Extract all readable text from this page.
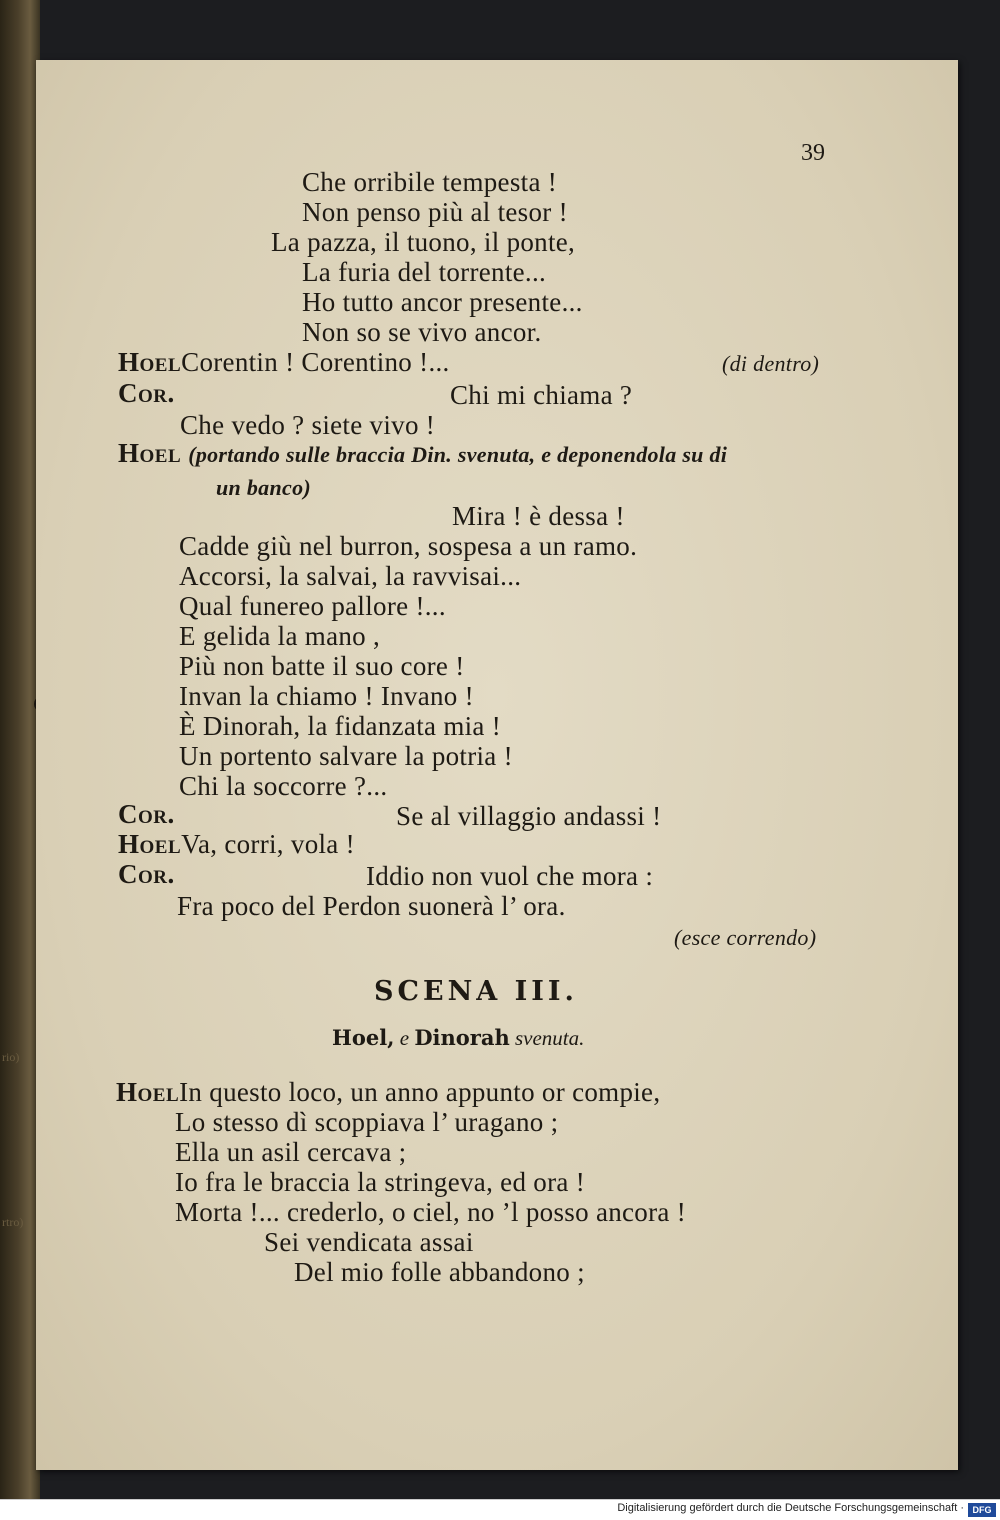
rio)
rtro)
39
Che orribile tempesta !
Non penso più al tesor !
La pazza, il tuono, il ponte,
La furia del torrente...
Ho tutto ancor presente...
Non so se vivo ancor.
HoelCorentin ! Corentino !...	(di dentro)
Cor.	Chi mi chiama ?
Che vedo ? siete vivo !
Hoel (portando sulle braccia Din. svenuta, e deponendola su di
un banco)
Mira ! è dessa !
Cadde giù nel burron, sospesa a un ramo.
Accorsi, la salvai, la ravvisai...
Qual funereo pallore !...
E gelida la mano ,
Più non batte il suo core !
Invan la chiamo ! Invano !
È Dinorah, la fidanzata mia !
Un portento salvare la potria !
Chi la soccorre ?...
Cor.	Se al villaggio andassi !
HoelVa, corri, vola !
Cor.	Iddio non vuol che mora :
Fra poco del Perdon suonerà l’ ora.
(esce correndo)
SCENA III.
Hoel, e Dinorah svenuta.
HoelIn questo loco, un anno appunto or compie,
Lo stesso dì scoppiava l’ uragano ;
Ella un asil cercava ;
Io fra le braccia la stringeva, ed ora !
Morta !... crederlo, o ciel, no ’l posso ancora !
Sei vendicata assai
Del mio folle abbandono ;
Digitalisierung gefördert durch die Deutsche Forschungsgemeinschaft · DFG
